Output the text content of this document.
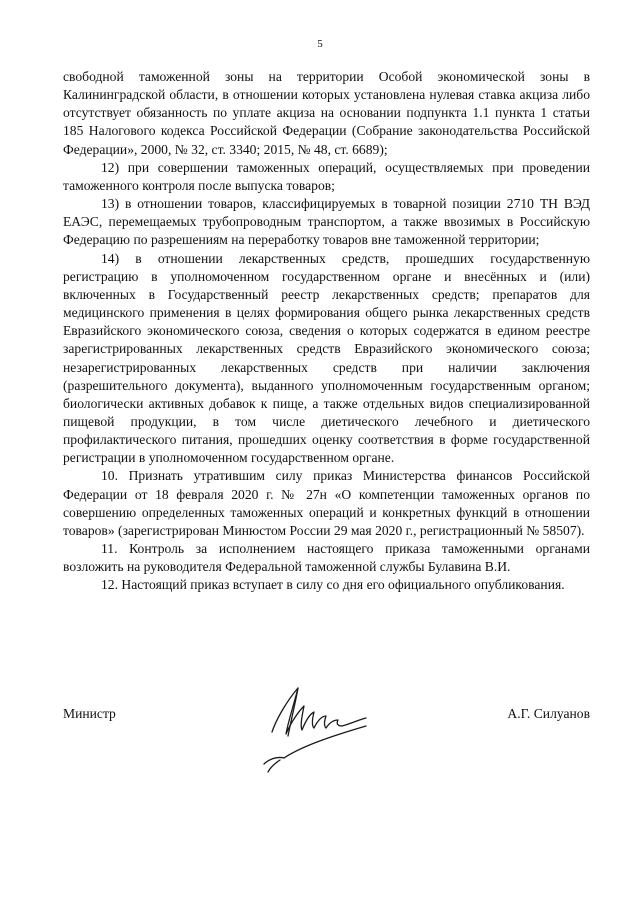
5

свободной таможенной зоны на территории Особой экономической зоны в Калининградской области, в отношении которых установлена нулевая ставка акциза либо отсутствует обязанность по уплате акциза на основании подпункта 1.1 пункта 1 статьи 185 Налогового кодекса Российской Федерации (Собрание законодательства Российской Федерации», 2000, № 32, ст. 3340; 2015, № 48, ст. 6689);

12) при совершении таможенных операций, осуществляемых при проведении таможенного контроля после выпуска товаров;

13) в отношении товаров, классифицируемых в товарной позиции 2710 ТН ВЭД ЕАЭС, перемещаемых трубопроводным транспортом, а также ввозимых в Российскую Федерацию по разрешениям на переработку товаров вне таможенной территории;

14) в отношении лекарственных средств, прошедших государственную регистрацию в уполномоченном государственном органе и внесённых и (или) включенных в Государственный реестр лекарственных средств; препаратов для медицинского применения в целях формирования общего рынка лекарственных средств Евразийского экономического союза, сведения о которых содержатся в едином реестре зарегистрированных лекарственных средств Евразийского экономического союза; незарегистрированных лекарственных средств при наличии заключения (разрешительного документа), выданного уполномоченным государственным органом; биологически активных добавок к пище, а также отдельных видов специализированной пищевой продукции, в том числе диетического лечебного и диетического профилактического питания, прошедших оценку соответствия в форме государственной регистрации в уполномоченном государственном органе.

10. Признать утратившим силу приказ Министерства финансов Российской Федерации от 18 февраля 2020 г. № 27н «О компетенции таможенных органов по совершению определенных таможенных операций и конкретных функций в отношении товаров» (зарегистрирован Минюстом России 29 мая 2020 г., регистрационный № 58507).

11. Контроль за исполнением настоящего приказа таможенными органами возложить на руководителя Федеральной таможенной службы Булавина В.И.

12. Настоящий приказ вступает в силу со дня его официального опубликования.

Министр	А.Г. Силуанов
